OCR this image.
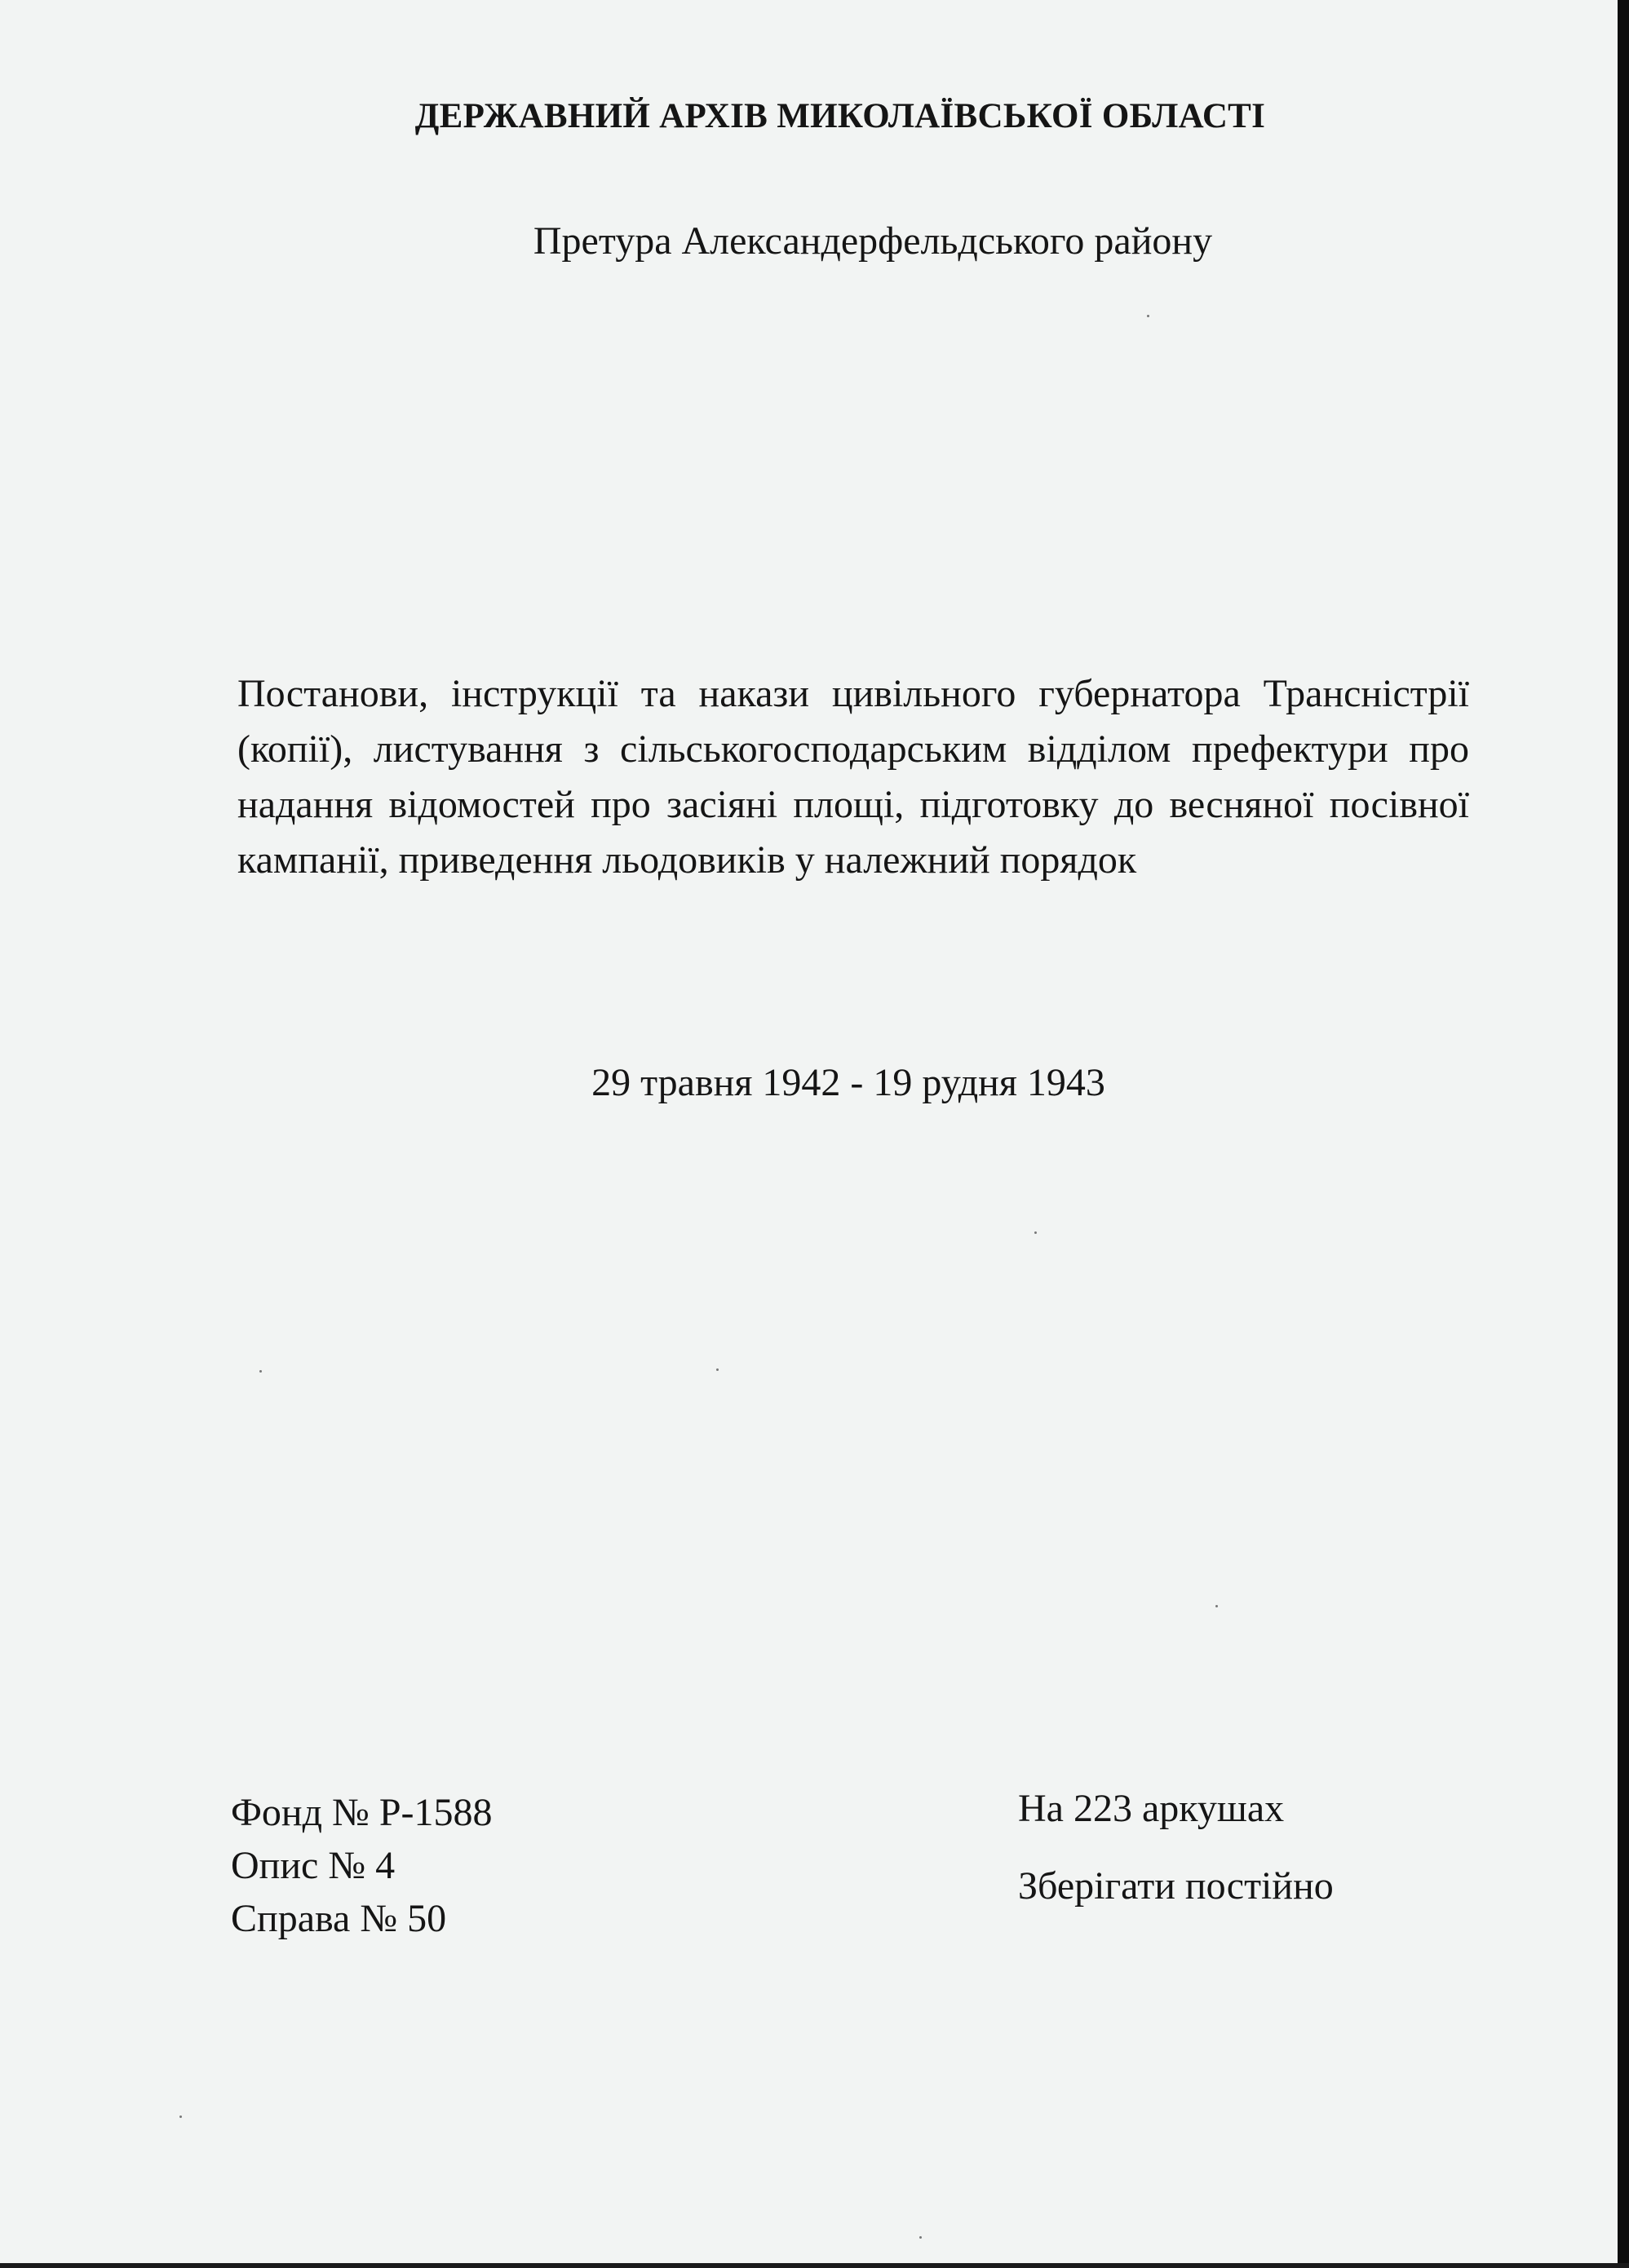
ДЕРЖАВНИЙ АРХІВ МИКОЛАЇВСЬКОЇ ОБЛАСТІ
Претура Александерфельдського району
Постанови, інструкції та накази цивільного губернатора Трансністрії (копії), листування з сільськогосподарським відділом префектури про надання відомостей про засіяні площі, підготовку до весняної посівної кампанії, приведення льодовиків у належний порядок
29 травня 1942 - 19 рудня 1943
Фонд № Р-1588
Опис № 4
Справа № 50
На 223 аркушах
Зберігати постійно
